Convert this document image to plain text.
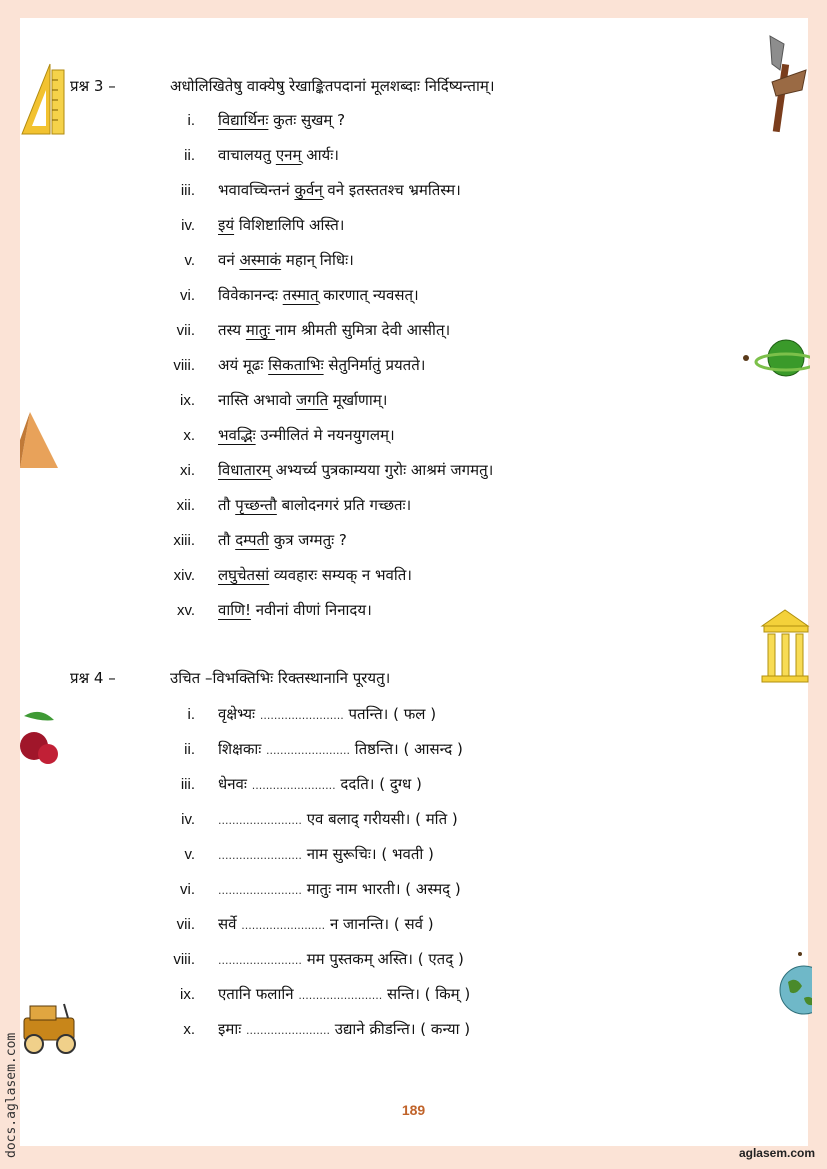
प्रश्न 3 –	अधोलिखितेषु वाक्येषु रेखाङ्कितपदानां मूलशब्दाः निर्दिष्यन्ताम्।
i. विद्यार्थिनः कुतः सुखम् ?
ii. वाचालयतु एनम् आर्यः।
iii. भवावच्चिन्तनं कुर्वन् वने इतस्ततश्च भ्रमतिस्म।
iv. इयं विशिष्टालिपि अस्ति।
v. वनं अस्माकं महान् निधिः।
vi. विवेकानन्दः तस्मात् कारणात् न्यवसत्।
vii. तस्य मातुः नाम श्रीमती सुमित्रा देवी आसीत्।
viii. अयं मूढः सिकताभिः सेतुनिर्मातुं प्रयतते।
ix. नास्ति अभावो जगति मूर्खाणाम्।
x. भवद्भिः उन्मीलितं मे नयनयुगलम्।
xi. विधातारम् अभ्यर्च्य पुत्रकाम्यया गुरोः आश्रमं जगमतु।
xii. तौ पृच्छन्तौ बालोदनगरं प्रति गच्छतः।
xiii. तौ दम्पती कुत्र जग्मतुः ?
xiv. लघुचेतसां व्यवहारः सम्यक् न भवति।
xv. वाणि! नवीनां वीणां निनादय।
प्रश्न 4 –	उचित –विभक्तिभिः रिक्तस्थानानि पूरयतु।
i. वृक्षेभ्यः ........................ पतन्ति। ( फल )
ii. शिक्षकाः ........................ तिष्ठन्ति। ( आसन्द )
iii. धेनवः ........................ ददति। ( दुग्ध )
iv. ........................ एव बलाद् गरीयसी। ( मति )
v. ........................ नाम सुरूचिः। ( भवती )
vi. ........................ मातुः नाम भारती। ( अस्मद् )
vii. सर्वे ........................ न जानन्ति। ( सर्व )
viii. ........................ मम पुस्तकम् अस्ति। ( एतद् )
ix. एतानि फलानि ........................ सन्ति। ( किम् )
x. इमाः ........................ उद्याने क्रीडन्ति। ( कन्या )
189
aglasem.com
docs.aglasem.com
